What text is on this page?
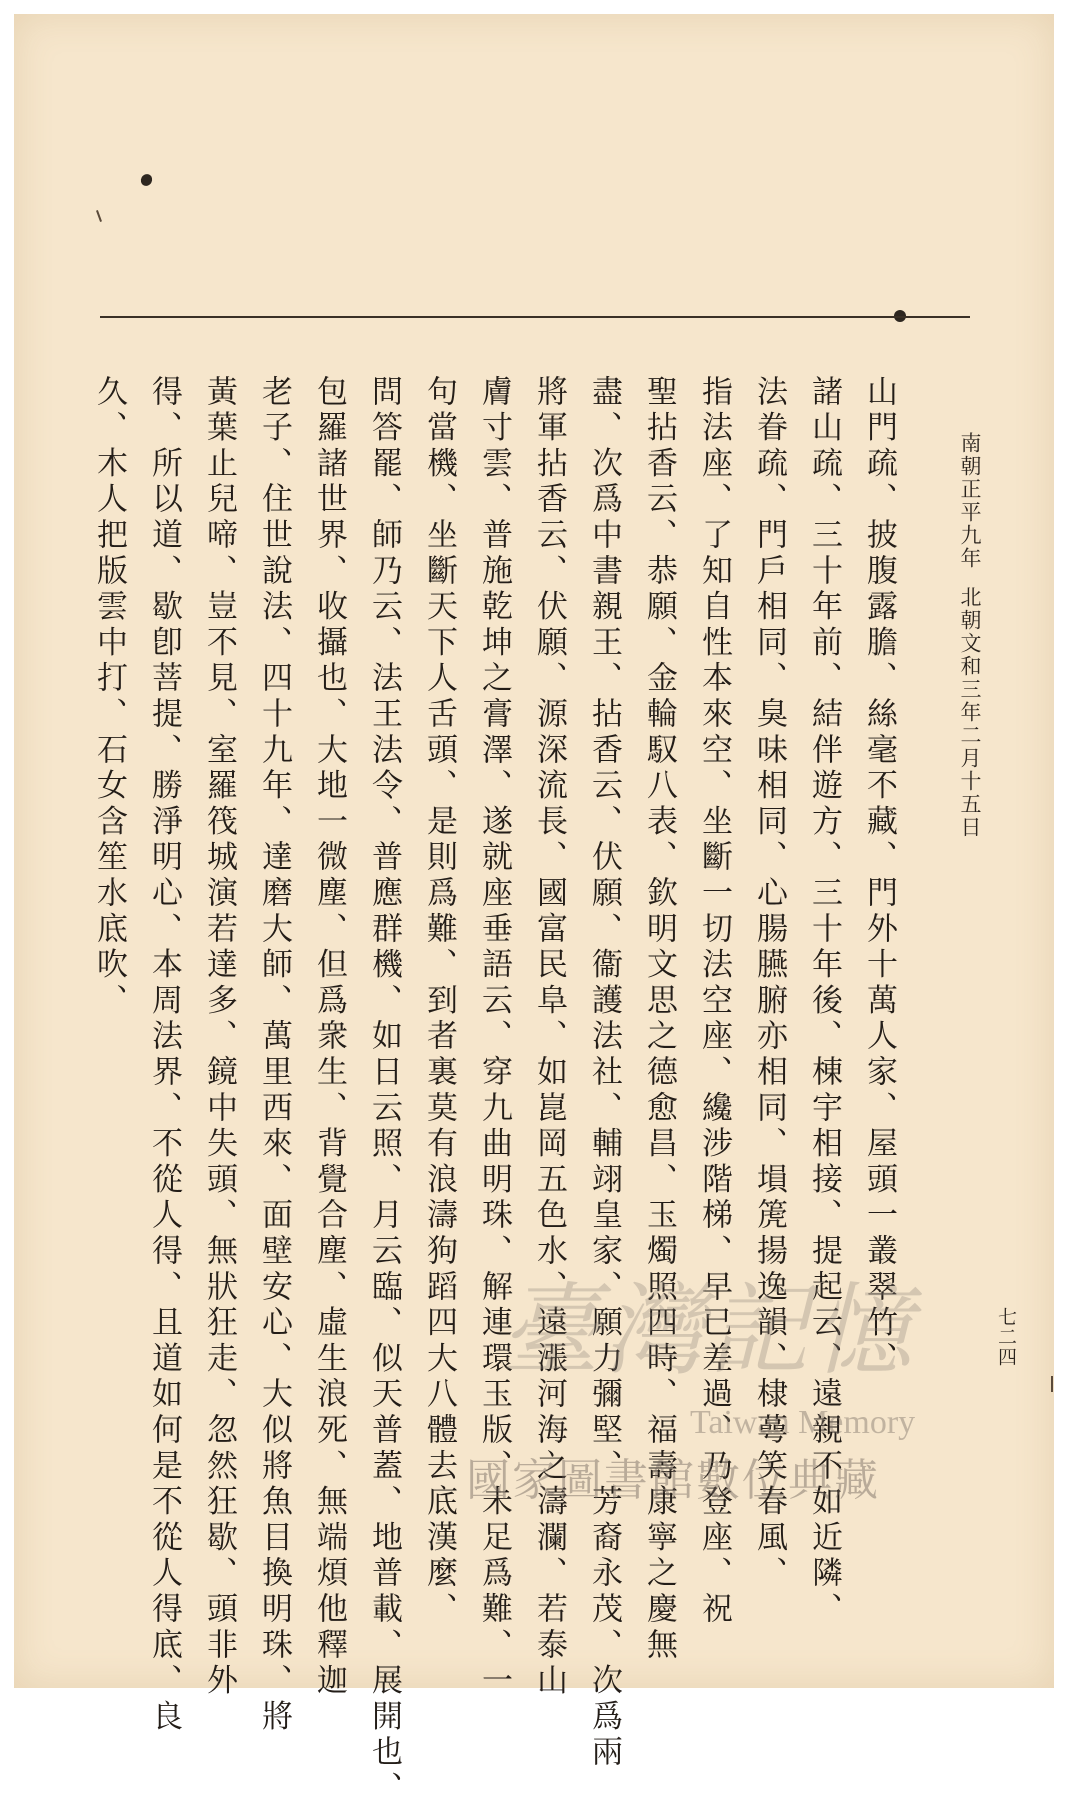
南朝正平九年北朝文和三年二月十五日
七二四
山門疏、披腹露膽、絲毫不藏、門外十萬人家、屋頭一叢翠竹、
諸山疏、三十年前、結伴遊方、三十年後、棟宇相接、提起云、遠親不如近隣、
法眷疏、門戶相同、臭味相同、心腸臙腑亦相同、塤箎揚逸韻、棣蕚笑春風、
指法座、了知自性本來空、坐斷一切法空座、纔涉階梯、早已差過、乃登座、祝
聖拈香云、恭願、金輪馭八表、欽明文思之德愈昌、玉燭照四時、福壽康寧之慶無
盡、次爲中書親王、拈香云、伏願、衞護法社、輔翊皇家、願力彌堅、芳裔永茂、次爲兩
將軍拈香云、伏願、源深流長、國富民阜、如崑岡五色水、遠漲河海之濤瀾、若泰山
膚寸雲、普施乾坤之膏澤、遂就座垂語云、穿九曲明珠、解連環玉版、未足爲難、一
句當機、坐斷天下人舌頭、是則爲難、到者裏莫有浪濤狗蹈四大八體去底漢麼、
問答罷、師乃云、法王法令、普應群機、如日云照、月云臨、似天普蓋、地普載、展開也、
包羅諸世界、收攝也、大地一微塵、但爲衆生、背覺合塵、虛生浪死、無端煩他釋迦
老子、住世說法、四十九年、達磨大師、萬里西來、面壁安心、大似將魚目換明珠、將
黃葉止兒啼、豈不見、室羅筏城演若達多、鏡中失頭、無狀狂走、忽然狂歇、頭非外
得、所以道、歇卽菩提、勝淨明心、本周法界、不從人得、且道如何是不從人得底、良
久、木人把版雲中打、石女含笙水底吹、
臺灣記憶
Taiwan Memory
國家圖書館數位典藏
